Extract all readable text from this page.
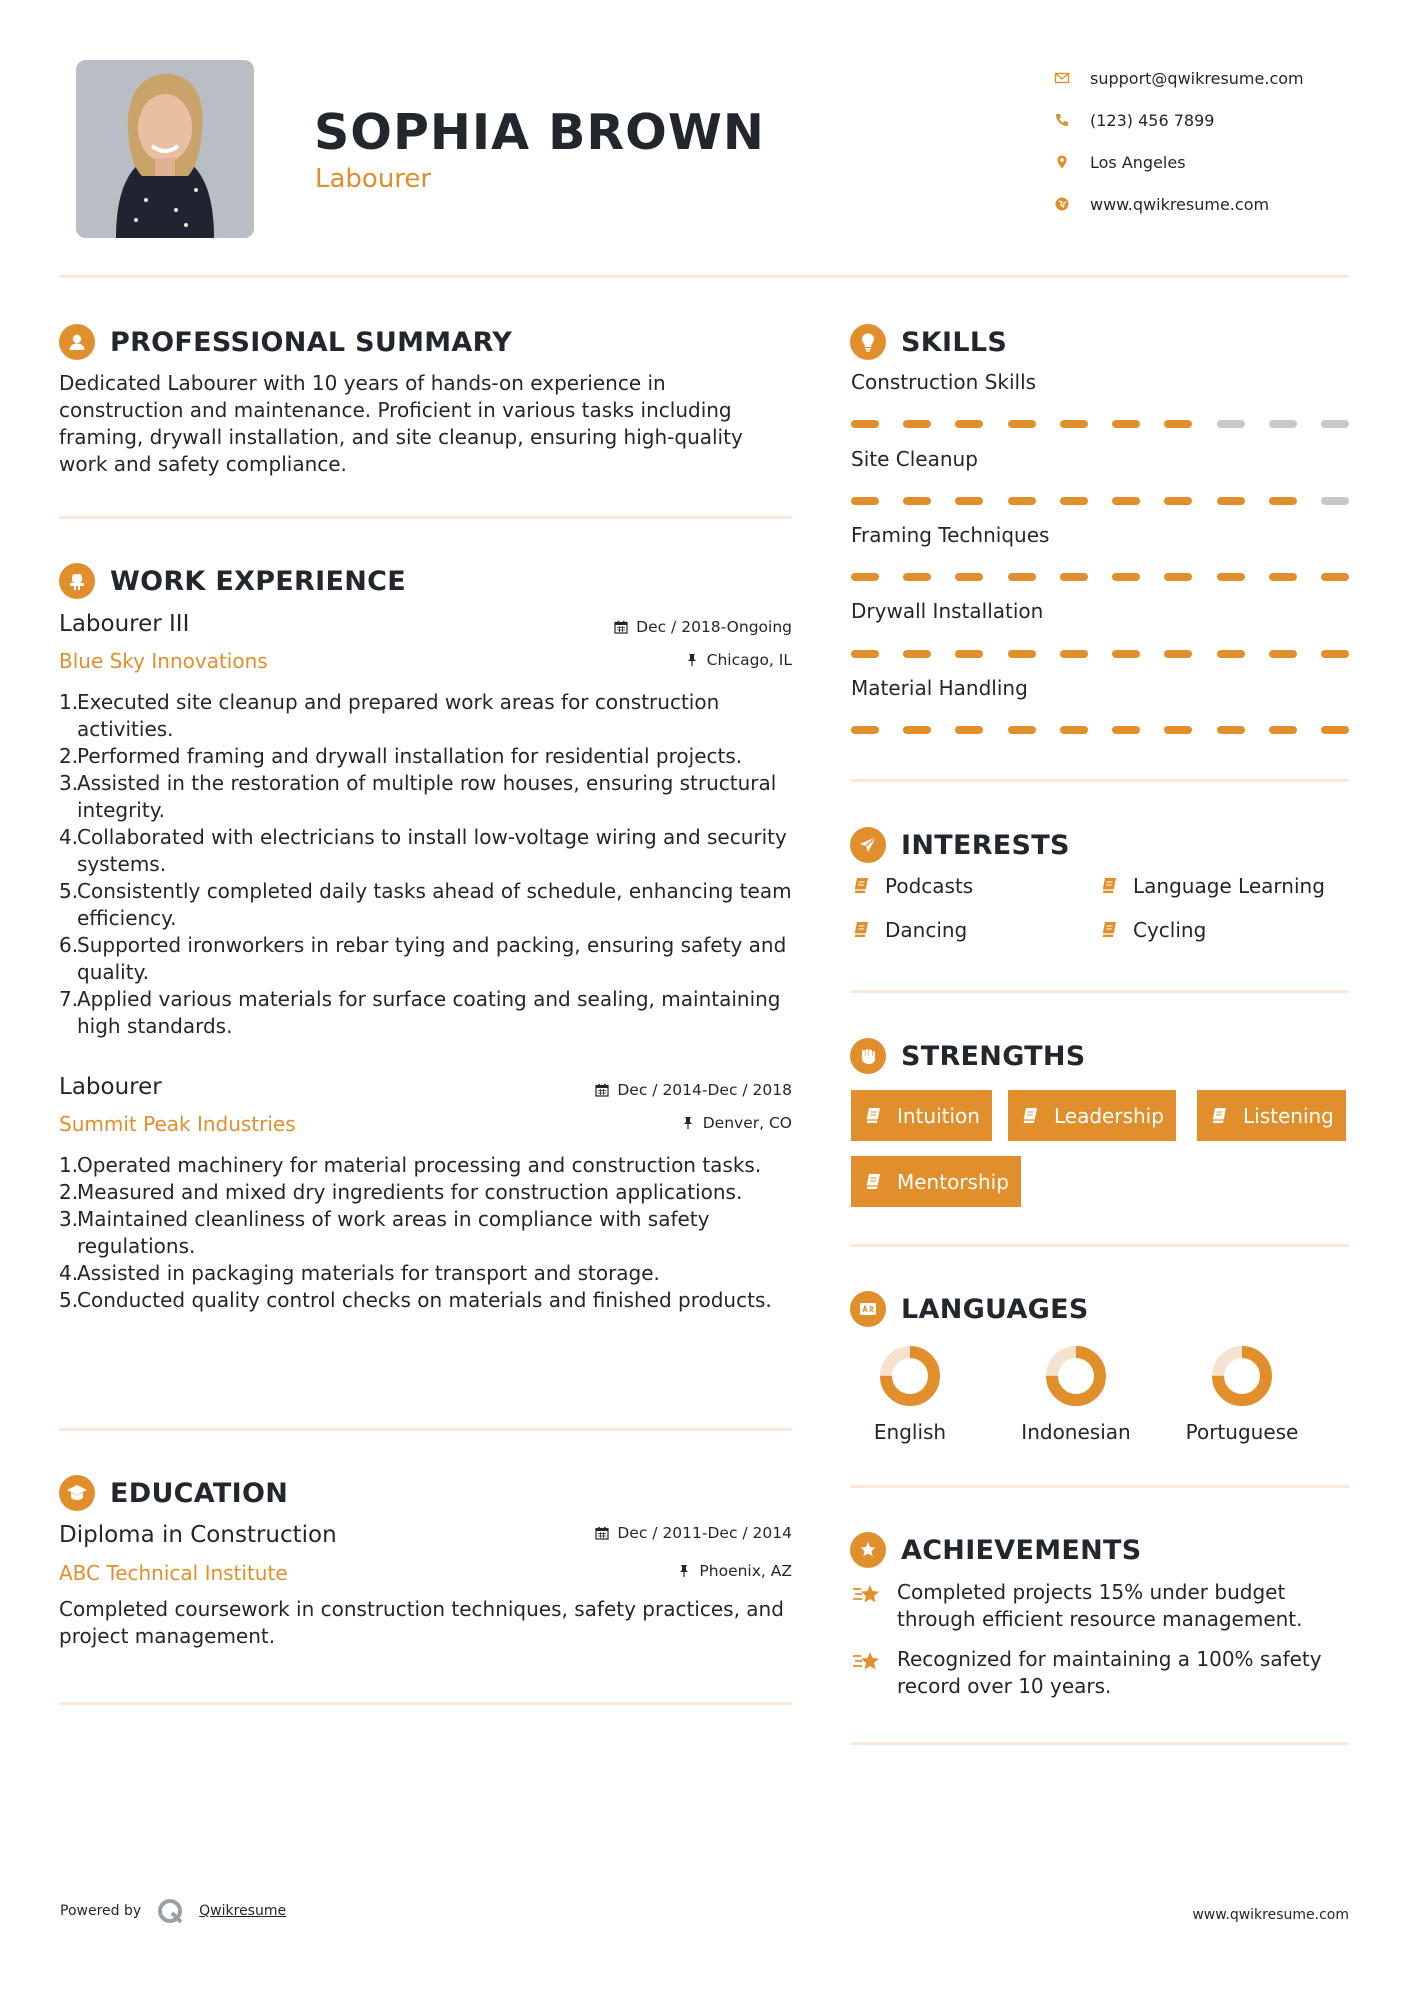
SOPHIA BROWN
Labourer
support@qwikresume.com
(123) 456 7899
Los Angeles
www.qwikresume.com
PROFESSIONAL SUMMARY
Dedicated Labourer with 10 years of hands-on experience in construction and maintenance. Proficient in various tasks including framing, drywall installation, and site cleanup, ensuring high-quality work and safety compliance.
WORK EXPERIENCE
Labourer III
Blue Sky Innovations
Dec / 2018-Ongoing
Chicago, IL
1.
Executed site cleanup and prepared work areas for construction activities.
2.
Performed framing and drywall installation for residential projects.
3.
Assisted in the restoration of multiple row houses, ensuring structural integrity.
4.
Collaborated with electricians to install low-voltage wiring and security systems.
5.
Consistently completed daily tasks ahead of schedule, enhancing team efficiency.
6.
Supported ironworkers in rebar tying and packing, ensuring safety and quality.
7.
Applied various materials for surface coating and sealing, maintaining high standards.
Labourer
Summit Peak Industries
Dec / 2014-Dec / 2018
Denver, CO
1.
Operated machinery for material processing and construction tasks.
2.
Measured and mixed dry ingredients for construction applications.
3.
Maintained cleanliness of work areas in compliance with safety regulations.
4.
Assisted in packaging materials for transport and storage.
5.
Conducted quality control checks on materials and finished products.
EDUCATION
Diploma in Construction
ABC Technical Institute
Dec / 2011-Dec / 2014
Phoenix, AZ
Completed coursework in construction techniques, safety practices, and project management.
SKILLS
Construction Skills
Site Cleanup
Framing Techniques
Drywall Installation
Material Handling
INTERESTS
Podcasts	Language Learning
Dancing	Cycling
STRENGTHS
Intuition	Leadership	Listening
Mentorship
LANGUAGES
English	Indonesian	Portuguese
ACHIEVEMENTS
Completed projects 15% under budget through efficient resource management.
Recognized for maintaining a 100% safety record over 10 years.
Powered by	Qwikresume	www.qwikresume.com
